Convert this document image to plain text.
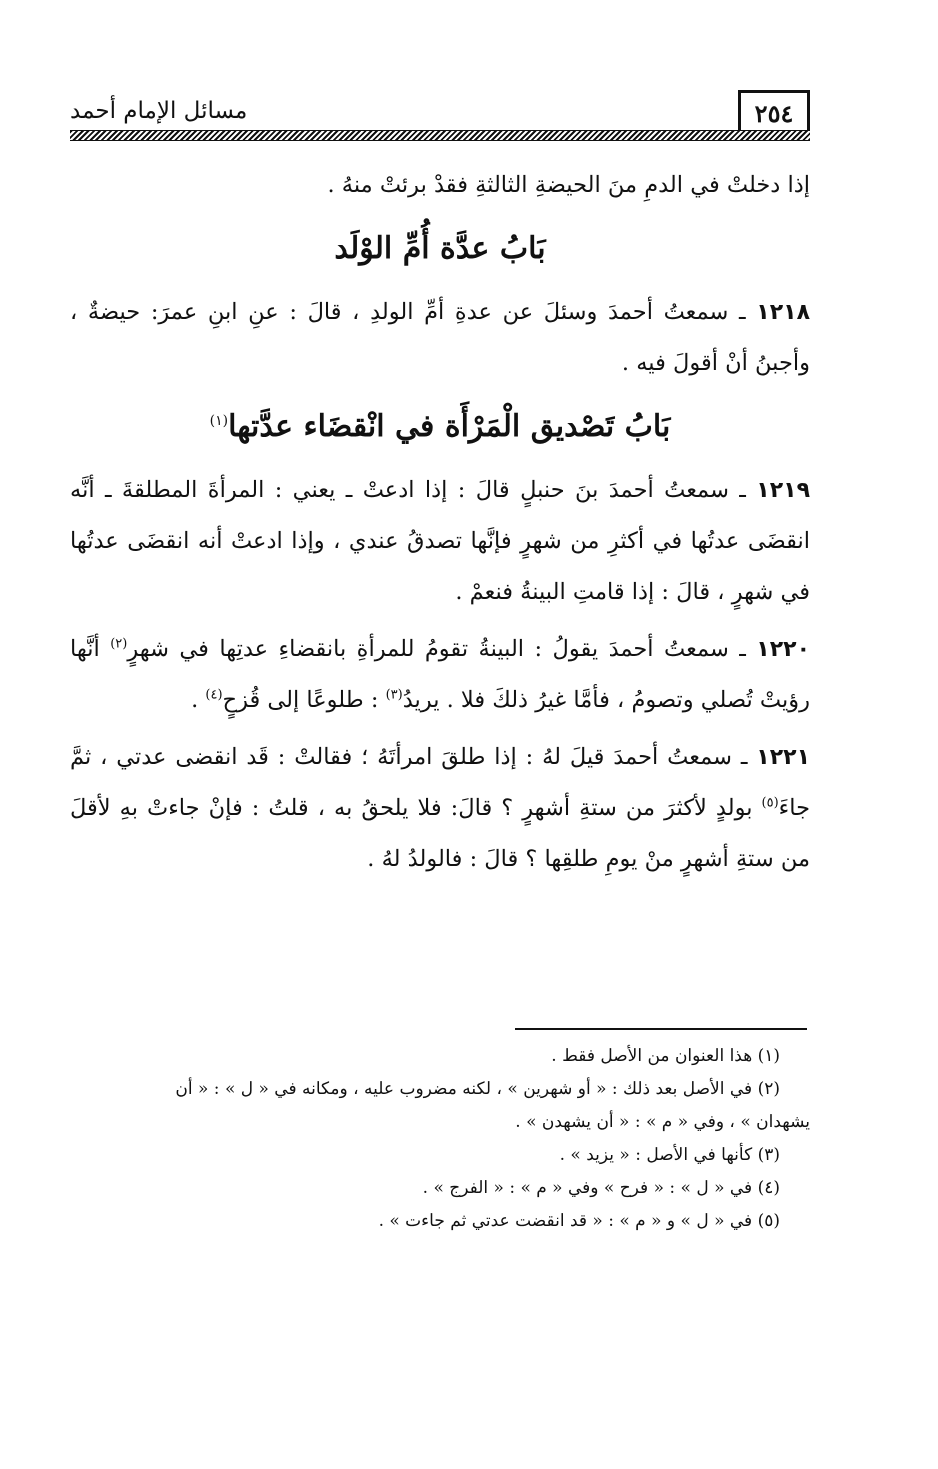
٢٥٤
مسائل الإمام أحمد

إذا دخلتْ في الدمِ منَ الحيضةِ الثالثةِ فقدْ برئتْ منهُ .

بَابُ عدَّة أُمِّ الوْلَد

١٢١٨ ـ سمعتُ أحمدَ وسئلَ عن عدةِ أمِّ الولدِ ، قالَ : عنِ ابنِ عمرَ: حيضةٌ ، وأجبنُ أنْ أقولَ فيه .

بَابُ تَصْديق الْمَرْأَة في انْقضَاء عدَّتها$^{(١)}$

١٢١٩ ـ سمعتُ أحمدَ بنَ حنبلٍ قالَ : إذا ادعتْ ـ يعني : المرأةَ المطلقةَ ـ أنَّه انقضَى عدتُها في أكثرِ من شهرٍ فإنَّها تصدقُ عندي ، وإذا ادعتْ أنه انقضَى عدتُها في شهرٍ ، قالَ : إذا قامتِ البينةُ فنعمْ .

١٢٢٠ ـ سمعتُ أحمدَ يقولُ : البينةُ تقومُ للمرأةِ بانقضاءِ عدتِها في شهرٍ$^{(٢)}$ أنَّها رؤيتْ تُصلي وتصومُ ، فأمَّا غيرُ ذلكَ فلا . يريدُ$^{(٣)}$ : طلوعًا إلى قُزحٍ$^{(٤)}$ .

١٢٢١ ـ سمعتُ أحمدَ قيلَ لهُ : إذا طلقَ امرأتَهُ ؛ فقالتْ : قَد انقضى عدتي ، ثمَّ جاءَ$^{(٥)}$ بولدٍ لأكثرَ من ستةِ أشهرٍ ؟ قالَ: فلا يلحقُ به ، قلتُ : فإنْ جاءتْ بهِ لأقلَ من ستةِ أشهرٍ منْ يومِ طلقِها ؟ قالَ : فالولدُ لهُ .

(١) هذا العنوان من الأصل فقط .

(٢) في الأصل بعد ذلك : « أو شهرين » ، لكنه مضروب عليه ، ومكانه في « ل » : « أن

يشهدان » ، وفي « م » : « أن يشهدن » .

(٣) كأنها في الأصل : « يزيد » .

(٤) في « ل » : « فرح » وفي « م » : « الفرج » .

(٥) في « ل » و « م » : « قد انقضت عدتي ثم جاءت » .
